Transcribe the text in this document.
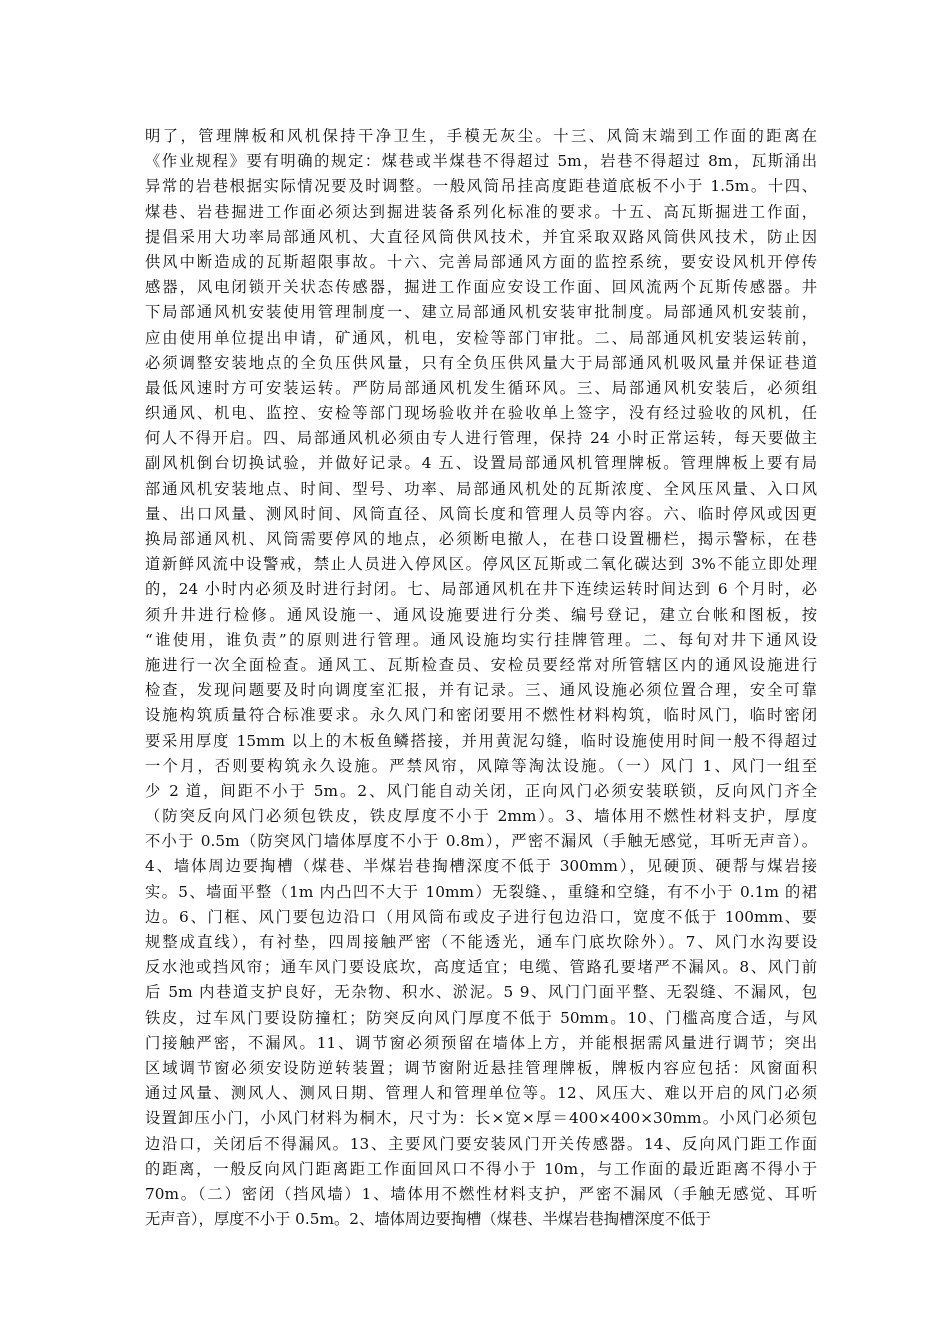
明了，管理牌板和风机保持干净卫生，手模无灰尘。十三、风筒末端到工作面的距离在
《作业规程》要有明确的规定：煤巷或半煤巷不得超过 5m，岩巷不得超过 8m，瓦斯涌出
异常的岩巷根据实际情况要及时调整。一般风筒吊挂高度距巷道底板不小于 1.5m。十四、
煤巷、岩巷掘进工作面必须达到掘进装备系列化标准的要求。十五、高瓦斯掘进工作面，
提倡采用大功率局部通风机、大直径风筒供风技术，并宜采取双路风筒供风技术，防止因
供风中断造成的瓦斯超限事故。十六、完善局部通风方面的监控系统，要安设风机开停传
感器，风电闭锁开关状态传感器，掘进工作面应安设工作面、回风流两个瓦斯传感器。井
下局部通风机安装使用管理制度一、建立局部通风机安装审批制度。局部通风机安装前，
应由使用单位提出申请，矿通风，机电，安检等部门审批。二、局部通风机安装运转前，
必须调整安装地点的全负压供风量，只有全负压供风量大于局部通风机吸风量并保证巷道
最低风速时方可安装运转。严防局部通风机发生循环风。三、局部通风机安装后，必须组
织通风、机电、监控、安检等部门现场验收并在验收单上签字，没有经过验收的风机，任
何人不得开启。四、局部通风机必须由专人进行管理，保持 24 小时正常运转，每天要做主
副风机倒台切换试验，并做好记录。4 五、设置局部通风机管理牌板。管理牌板上要有局
部通风机安装地点、时间、型号、功率、局部通风机处的瓦斯浓度、全风压风量、入口风
量、出口风量、测风时间、风筒直径、风筒长度和管理人员等内容。六、临时停风或因更
换局部通风机、风筒需要停风的地点，必须断电撤人，在巷口设置栅栏，揭示警标，在巷
道新鲜风流中设警戒，禁止人员进入停风区。停风区瓦斯或二氧化碳达到 3%不能立即处理
的，24 小时内必须及时进行封闭。七、局部通风机在井下连续运转时间达到 6 个月时，必
须升井进行检修。通风设施一、通风设施要进行分类、编号登记，建立台帐和图板，按
“谁使用，谁负责”的原则进行管理。通风设施均实行挂牌管理。二、每旬对井下通风设
施进行一次全面检查。通风工、瓦斯检查员、安检员要经常对所管辖区内的通风设施进行
检查，发现问题要及时向调度室汇报，并有记录。三、通风设施必须位置合理，安全可靠
设施构筑质量符合标准要求。永久风门和密闭要用不燃性材料构筑，临时风门，临时密闭
要采用厚度 15mm 以上的木板鱼鳞搭接，并用黄泥勾缝，临时设施使用时间一般不得超过
一个月，否则要构筑永久设施。严禁风帘，风障等淘汰设施。（一）风门 1、风门一组至
少 2 道，间距不小于 5m。2、风门能自动关闭，正向风门必须安装联锁，反向风门齐全
（防突反向风门必须包铁皮，铁皮厚度不小于 2mm）。3、墙体用不燃性材料支护，厚度
不小于 0.5m（防突风门墙体厚度不小于 0.8m），严密不漏风（手触无感觉，耳听无声音）。
4、墙体周边要掏槽（煤巷、半煤岩巷掏槽深度不低于 300mm），见硬顶、硬帮与煤岩接
实。5、墙面平整（1m 内凸凹不大于 10mm）无裂缝、，重缝和空缝，有不小于 0.1m 的裙
边。6、门框、风门要包边沿口（用风筒布或皮子进行包边沿口，宽度不低于 100mm、要
规整成直线），有衬垫，四周接触严密（不能透光，通车门底坎除外）。7、风门水沟要设
反水池或挡风帘；通车风门要设底坎，高度适宜；电缆、管路孔要堵严不漏风。8、风门前
后 5m 内巷道支护良好，无杂物、积水、淤泥。5 9、风门门面平整、无裂缝、不漏风，包
铁皮，过车风门要设防撞杠；防突反向风门厚度不低于 50mm。10、门槛高度合适，与风
门接触严密，不漏风。11、调节窗必须预留在墙体上方，并能根据需风量进行调节；突出
区域调节窗必须安设防逆转装置；调节窗附近悬挂管理牌板，牌板内容应包括：风窗面积
通过风量、测风人、测风日期、管理人和管理单位等。12、风压大、难以开启的风门必须
设置卸压小门，小风门材料为桐木，尺寸为：长×宽×厚＝400×400×30mm。小风门必须包
边沿口，关闭后不得漏风。13、主要风门要安装风门开关传感器。14、反向风门距工作面
的距离，一般反向风门距离距工作面回风口不得小于 10m，与工作面的最近距离不得小于
70m。（二）密闭（挡风墙）1、墙体用不燃性材料支护，严密不漏风（手触无感觉、耳听
无声音），厚度不小于 0.5m。2、墙体周边要掏槽（煤巷、半煤岩巷掏槽深度不低于
